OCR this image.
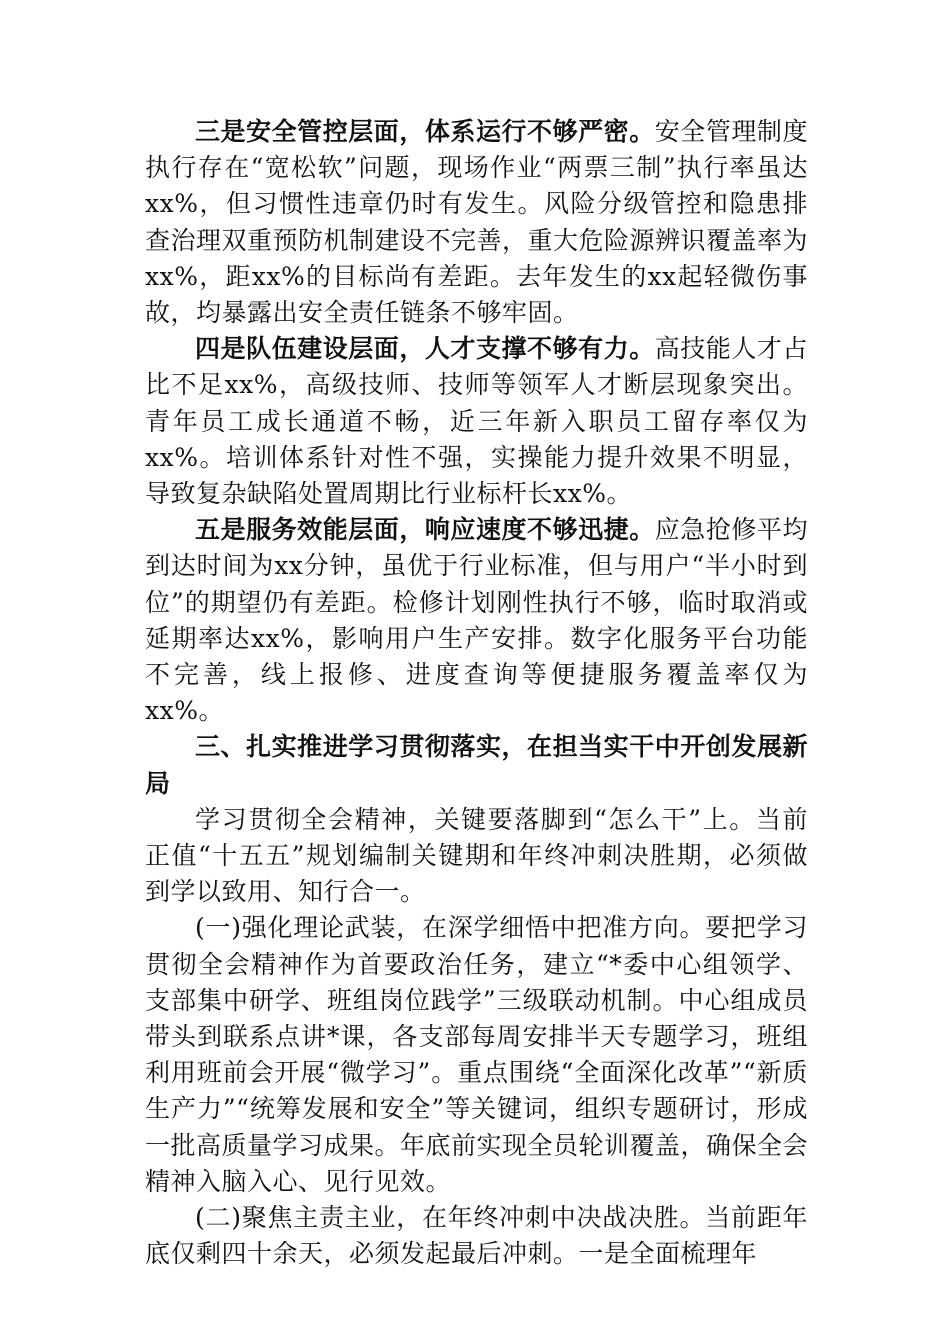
三是安全管控层面，体系运行不够严密。安全管理制度执行存在“宽松软”问题，现场作业“两票三制”执行率虽达xx%，但习惯性违章仍时有发生。风险分级管控和隐患排查治理双重预防机制建设不完善，重大危险源辨识覆盖率为xx%，距xx%的目标尚有差距。去年发生的xx起轻微伤事故，均暴露出安全责任链条不够牢固。

四是队伍建设层面，人才支撑不够有力。高技能人才占比不足xx%，高级技师、技师等领军人才断层现象突出。青年员工成长通道不畅，近三年新入职员工留存率仅为xx%。培训体系针对性不强，实操能力提升效果不明显，导致复杂缺陷处置周期比行业标杆长xx%。

五是服务效能层面，响应速度不够迅捷。应急抢修平均到达时间为xx分钟，虽优于行业标准，但与用户“半小时到位”的期望仍有差距。检修计划刚性执行不够，临时取消或延期率达xx%，影响用户生产安排。数字化服务平台功能不完善，线上报修、进度查询等便捷服务覆盖率仅为xx%。

三、扎实推进学习贯彻落实，在担当实干中开创发展新局

学习贯彻全会精神，关键要落脚到“怎么干”上。当前正值“十五五”规划编制关键期和年终冲刺决胜期，必须做到学以致用、知行合一。

(一)强化理论武装，在深学细悟中把准方向。要把学习贯彻全会精神作为首要政治任务，建立“*委中心组领学、支部集中研学、班组岗位践学”三级联动机制。中心组成员带头到联系点讲*课，各支部每周安排半天专题学习，班组利用班前会开展“微学习”。重点围绕“全面深化改革”“新质生产力”“统筹发展和安全”等关键词，组织专题研讨，形成一批高质量学习成果。年底前实现全员轮训覆盖，确保全会精神入脑入心、见行见效。

(二)聚焦主责主业，在年终冲刺中决战决胜。当前距年底仅剩四十余天，必须发起最后冲刺。一是全面梳理年
